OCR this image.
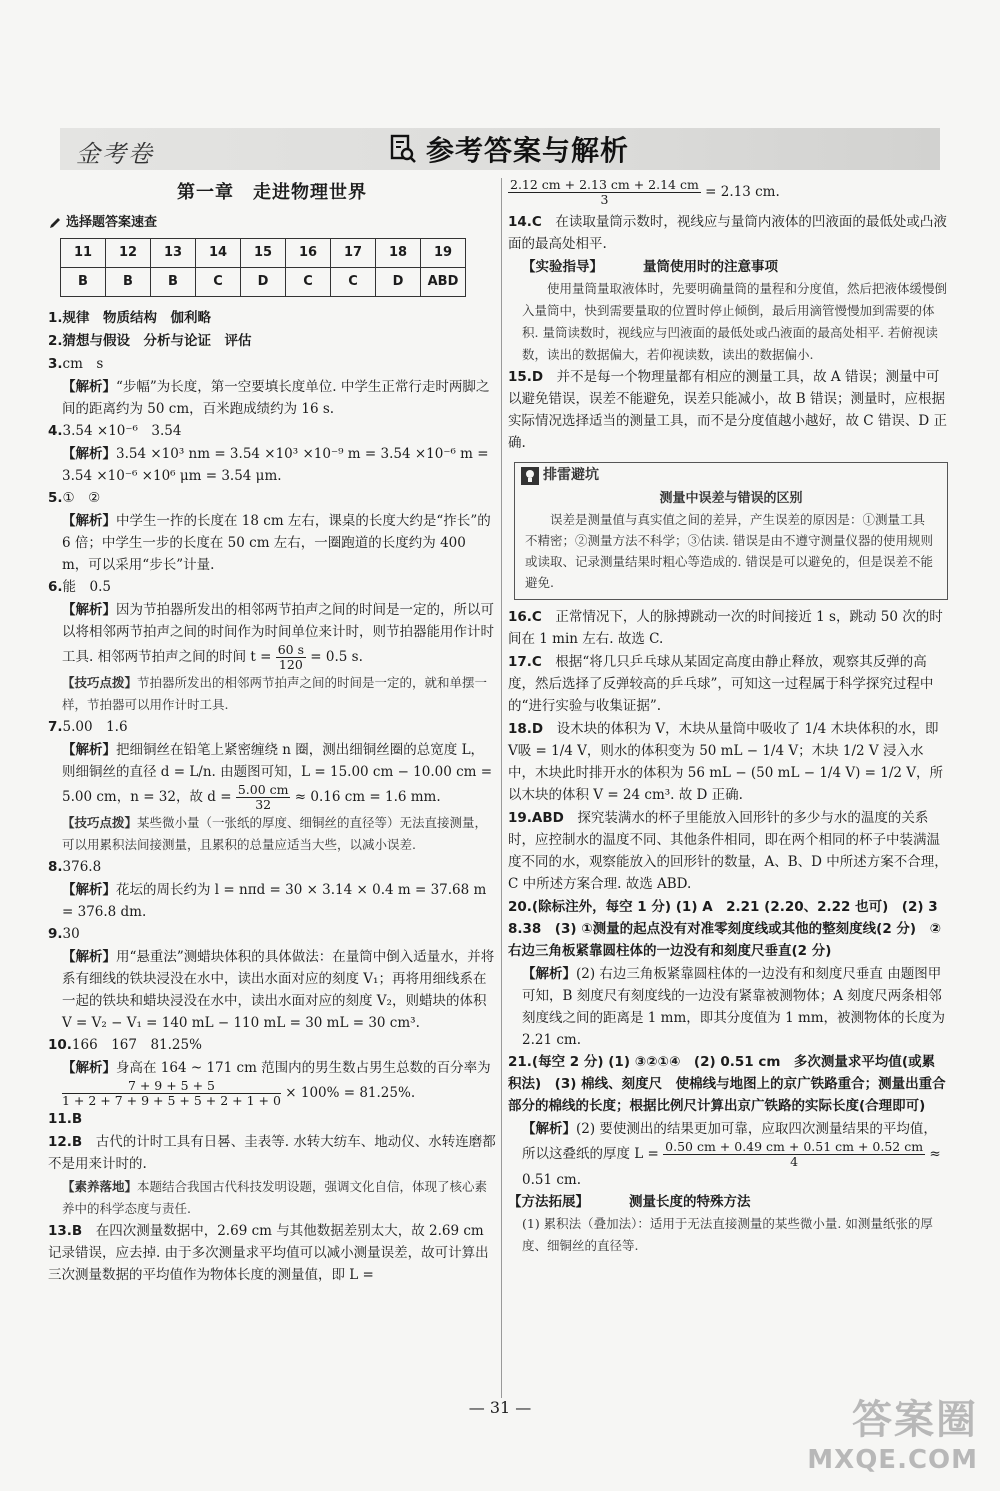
金考卷	参考答案与解析
第一章　走进物理世界
选择题答案速查
11	12	13	14	15	16	17	18	19
B	B	B	C	D	C	C	D	ABD

1.规律　物质结构　伽利略

2.猜想与假设　分析与论证　评估

3.cm　s

【解析】“步幅”为长度，第一空要填长度单位. 中学生正常行走时两脚之间的距离约为 50 cm，百米跑成绩约为 16 s.

4.3.54 ×10⁻⁶　3.54

【解析】3.54 ×10³ nm = 3.54 ×10³ ×10⁻⁹ m = 3.54 ×10⁻⁶ m = 3.54 ×10⁻⁶ ×10⁶ μm = 3.54 μm.

5.①　②

【解析】中学生一拃的长度在 18 cm 左右，课桌的长度大约是“拃长”的 6 倍；中学生一步的长度在 50 cm 左右，一圈跑道的长度约为 400 m，可以采用“步长”计量.

6.能　0.5

【解析】因为节拍器所发出的相邻两节拍声之间的时间是一定的，所以可以将相邻两节拍声之间的时间作为时间单位来计时，则节拍器能用作计时工具. 相邻两节拍声之间的时间 $t = \frac{60 s}{120} = 0.5$ s.

【技巧点拨】节拍器所发出的相邻两节拍声之间的时间是一定的，就和单摆一样，节拍器可以用作计时工具.

7.5.00　1.6

【解析】把细铜丝在铅笔上紧密缠绕 n 圈，测出细铜丝圈的总宽度 L，则细铜丝的直径 d = L/n. 由题图可知，L = 15.00 cm − 10.00 cm = 5.00 cm，n = 32，故 $d = \frac{5.00 cm}{32} \approx 0.16$ cm = 1.6 mm.

【技巧点拨】某些微小量（一张纸的厚度、细铜丝的直径等）无法直接测量，可以用累积法间接测量，且累积的总量应适当大些，以减小误差.

8.376.8

【解析】花坛的周长约为 l = nπd = 30 × 3.14 × 0.4 m = 37.68 m = 376.8 dm.

9.30

【解析】用“悬重法”测蜡块体积的具体做法：在量筒中倒入适量水，并将系有细线的铁块浸没在水中，读出水面对应的刻度 V₁；再将用细线系在一起的铁块和蜡块浸没在水中，读出水面对应的刻度 V₂，则蜡块的体积 V = V₂ − V₁ = 140 mL − 110 mL = 30 mL = 30 cm³.

10.166　167　81.25%

【解析】身高在 164 ~ 171 cm 范围内的男生数占男生总数的百分率为
$\frac{7 + 9 + 5 + 5}{1 + 2 + 7 + 9 + 5 + 5 + 2 + 1 + 0} \times 100\% = 81.25\%$.

11.B

12.B　 古代的计时工具有日晷、圭表等. 水转大纺车、地动仪、水转连磨都不是用来计时的.

【素养落地】本题结合我国古代科技发明设题，强调文化自信，体现了核心素养中的科学态度与责任.

13.B　 在四次测量数据中，2.69 cm 与其他数据差别太大，故 2.69 cm 记录错误，应去掉. 由于多次测量求平均值可以减小测量误差，故可计算出三次测量数据的平均值作为物体长度的测量值，即 L =

$\frac{2.12 cm + 2.13 cm + 2.14 cm}{3} = 2.13$ cm.

14.C　 在读取量筒示数时，视线应与量筒内液体的凹液面的最低处或凸液面的最高处相平.

【实验指导】	量筒使用时的注意事项

使用量筒量取液体时，先要明确量筒的量程和分度值，然后把液体缓慢倒入量筒中，快到需要量取的位置时停止倾倒，最后用滴管慢慢加到需要的体积. 量筒读数时，视线应与凹液面的最低处或凸液面的最高处相平. 若俯视读数，读出的数据偏大，若仰视读数，读出的数据偏小.

15.D　 并不是每一个物理量都有相应的测量工具，故 A 错误；测量中可以避免错误，误差不能避免，误差只能减小，故 B 错误；测量时，应根据实际情况选择适当的测量工具，而不是分度值越小越好，故 C 错误、D 正确.

排雷避坑
测量中误差与错误的区别

误差是测量值与真实值之间的差异，产生误差的原因是：①测量工具不精密；②测量方法不科学；③估读. 错误是由不遵守测量仪器的使用规则或读取、记录测量结果时粗心等造成的. 错误是可以避免的，但是误差不能避免.

16.C　 正常情况下，人的脉搏跳动一次的时间接近 1 s，跳动 50 次的时间在 1 min 左右. 故选 C.

17.C　 根据“将几只乒乓球从某固定高度由静止释放，观察其反弹的高度，然后选择了反弹较高的乒乓球”，可知这一过程属于科学探究过程中的“进行实验与收集证据”.

18.D　 设木块的体积为 V，木块从量筒中吸收了 1/4 木块体积的水，即 V吸 = 1/4 V，则水的体积变为 50 mL − 1/4 V；木块 1/2 V 浸入水中，木块此时排开水的体积为 56 mL − (50 mL − 1/4 V) = 1/2 V，所以木块的体积 V = 24 cm³. 故 D 正确.

19.ABD　 探究装满水的杯子里能放入回形针的多少与水的温度的关系时，应控制水的温度不同、其他条件相同，即在两个相同的杯子中装满温度不同的水，观察能放入的回形针的数量，A、B、D 中所述方案不合理，C 中所述方案合理. 故选 ABD.

20.(除标注外，每空 1 分) (1) A　2.21 (2.20、2.22 也可)　(2) 3　8.38　(3) ①测量的起点没有对准零刻度线或其他的整刻度线(2 分)　②右边三角板紧靠圆柱体的一边没有和刻度尺垂直(2 分)

【解析】(2) 右边三角板紧靠圆柱体的一边没有和刻度尺垂直 由题图甲可知，B 刻度尺有刻度线的一边没有紧靠被测物体；A 刻度尺两条相邻刻度线之间的距离是 1 mm，即其分度值为 1 mm，被测物体的长度为 2.21 cm.

21.(每空 2 分) (1) ③②①④　(2) 0.51 cm　多次测量求平均值(或累积法)　(3) 棉线、刻度尺　使棉线与地图上的京广铁路重合；测量出重合部分的棉线的长度；根据比例尺计算出京广铁路的实际长度(合理即可)

【解析】(2) 要使测出的结果更加可靠，应取四次测量结果的平均值，所以这叠纸的厚度 $L = \frac{0.50 cm + 0.49 cm + 0.51 cm + 0.52 cm}{4} \approx 0.51$ cm.

【方法拓展】	测量长度的特殊方法

(1) 累积法（叠加法）：适用于无法直接测量的某些微小量. 如测量纸张的厚度、细铜丝的直径等.

— 31 —	答案圈
MXQE.COM
